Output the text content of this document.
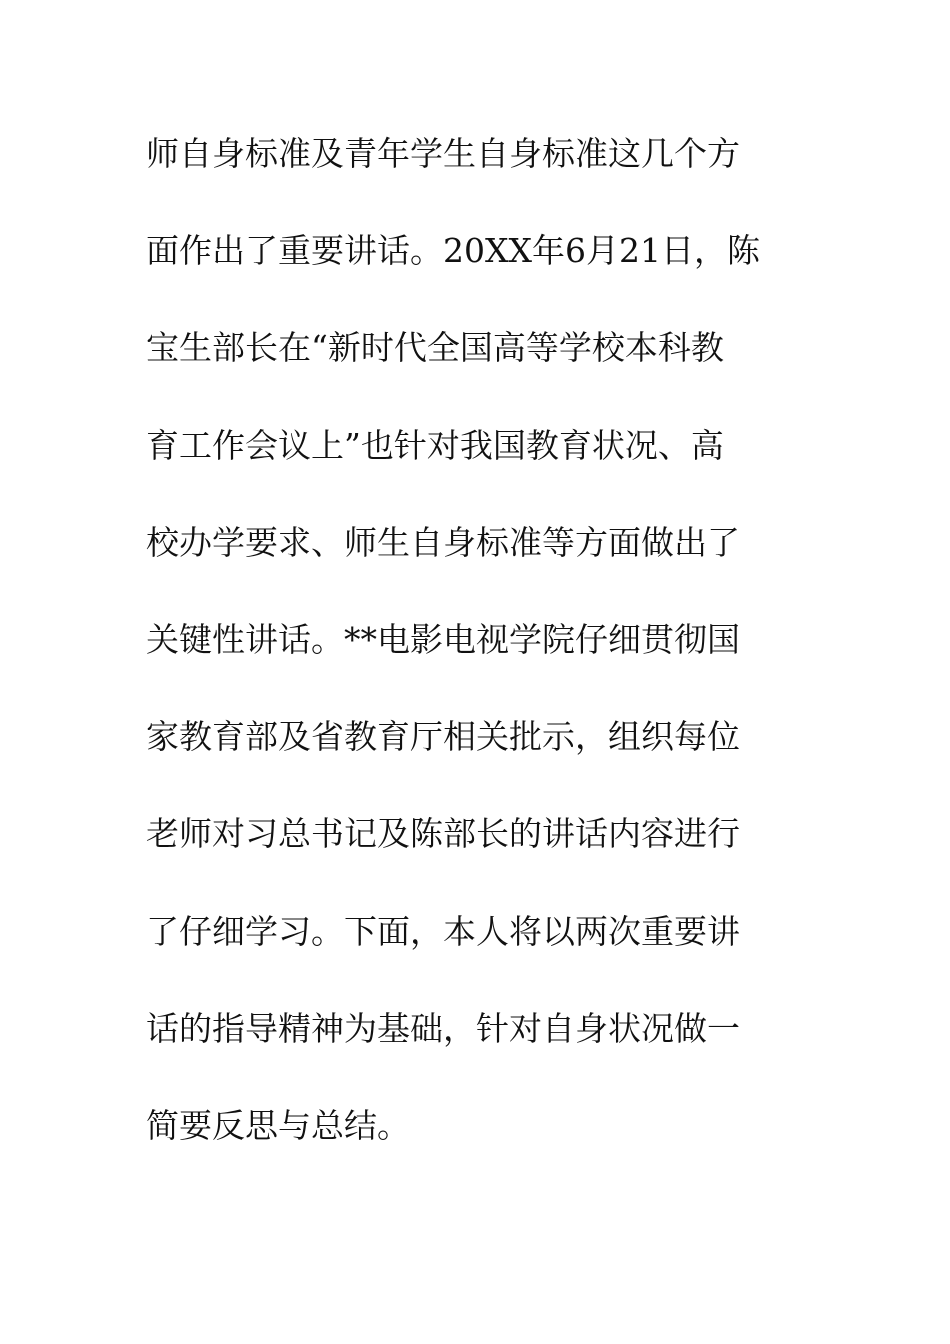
师自身标准及青年学生自身标准这几个方
面作出了重要讲话。20XX年6月21日，陈
宝生部长在“新时代全国高等学校本科教
育工作会议上”也针对我国教育状况、高
校办学要求、师生自身标准等方面做出了
关键性讲话。**电影电视学院仔细贯彻国
家教育部及省教育厅相关批示，组织每位
老师对习总书记及陈部长的讲话内容进行
了仔细学习。下面，本人将以两次重要讲
话的指导精神为基础，针对自身状况做一
简要反思与总结。
